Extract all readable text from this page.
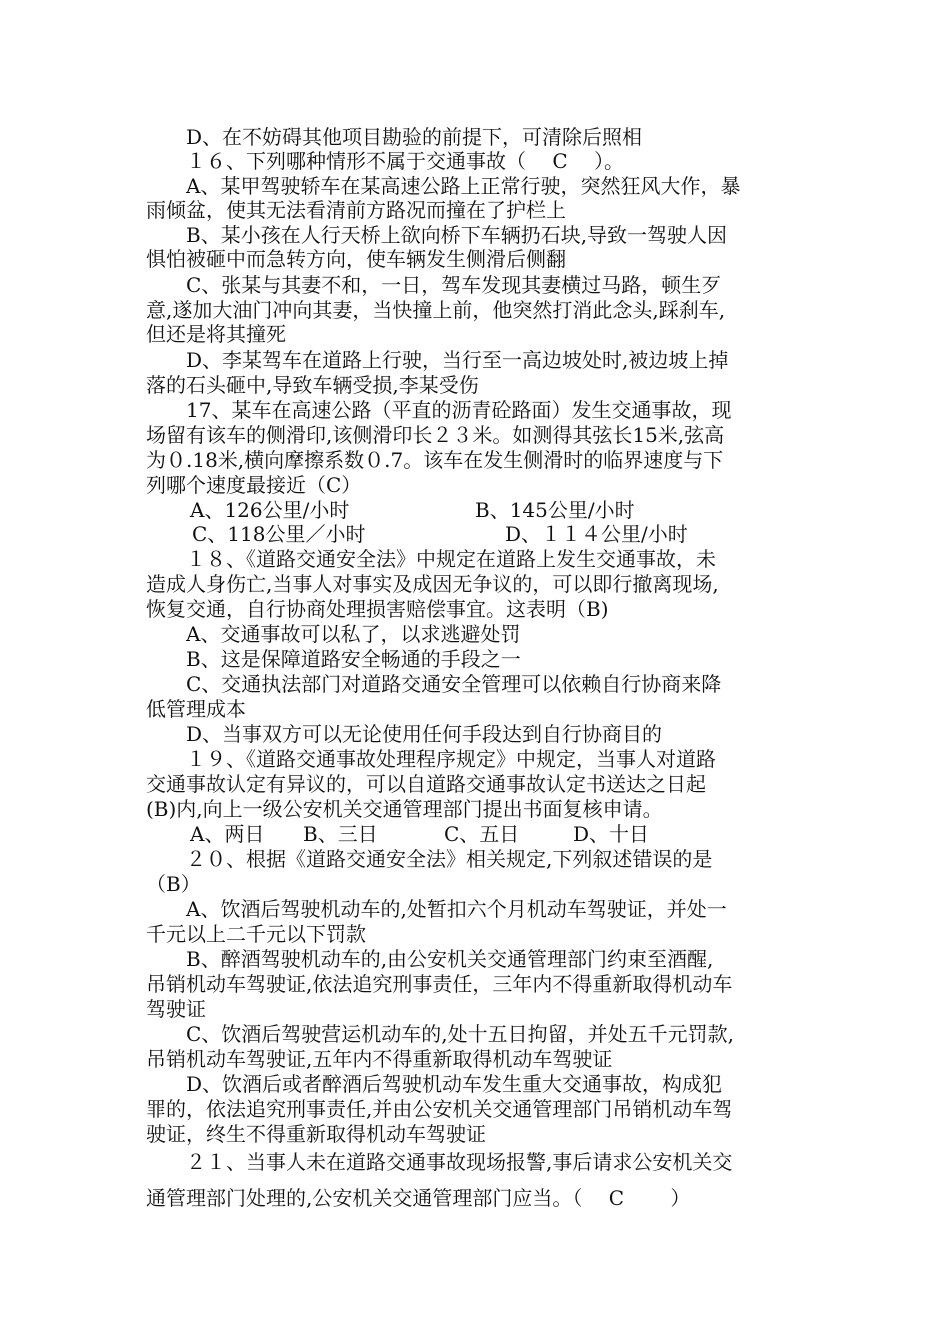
　　D、在不妨碍其他项目勘验的前提下，可清除后照相
　　１６、下列哪种情形不属于交通事故（　 C　 ）。
　　A、某甲驾驶轿车在某高速公路上正常行驶，突然狂风大作，暴
雨倾盆，使其无法看清前方路况而撞在了护栏上
　　B、某小孩在人行天桥上欲向桥下车辆扔石块,导致一驾驶人因
惧怕被砸中而急转方向，使车辆发生侧滑后侧翻
　　C、张某与其妻不和，一日，驾车发现其妻横过马路，顿生歹
意,遂加大油门冲向其妻，当快撞上前，他突然打消此念头,踩刹车,
但还是将其撞死
　　D、李某驾车在道路上行驶，当行至一高边坡处时,被边坡上掉
落的石头砸中,导致车辆受损,李某受伤
　　17、某车在高速公路（平直的沥青砼路面）发生交通事故，现
场留有该车的侧滑印,该侧滑印长２３米。如测得其弦长15米,弦高
为０.18米,横向摩擦系数０.7。该车在发生侧滑时的临界速度与下
列哪个速度最接近（C）
A、126公里/小时	B、145公里/小时
C、118公里／小时	D、１１４公里/小时
　　１８、《道路交通安全法》中规定在道路上发生交通事故，未
造成人身伤亡,当事人对事实及成因无争议的，可以即行撤离现场,
恢复交通，自行协商处理损害赔偿事宜。这表明（B)
　　A、交通事故可以私了，以求逃避处罚
　　B、这是保障道路安全畅通的手段之一
　　C、交通执法部门对道路交通安全管理可以依赖自行协商来降
低管理成本
　　D、当事双方可以无论使用任何手段达到自行协商目的
　　１９、《道路交通事故处理程序规定》中规定，当事人对道路
交通事故认定有异议的，可以自道路交通事故认定书送达之日起
(B)内,向上一级公安机关交通管理部门提出书面复核申请。
A、两日 B、三日	C、五日	D、十日
　　２０、根据《道路交通安全法》相关规定,下列叙述错误的是
（B）
　　A、饮酒后驾驶机动车的,处暂扣六个月机动车驾驶证，并处一
千元以上二千元以下罚款
　　B、醉酒驾驶机动车的,由公安机关交通管理部门约束至酒醒,
吊销机动车驾驶证,依法追究刑事责任，三年内不得重新取得机动车
驾驶证
　　C、饮酒后驾驶营运机动车的,处十五日拘留，并处五千元罚款,
吊销机动车驾驶证,五年内不得重新取得机动车驾驶证
　　D、饮酒后或者醉酒后驾驶机动车发生重大交通事故，构成犯
罪的，依法追究刑事责任,并由公安机关交通管理部门吊销机动车驾
驶证，终生不得重新取得机动车驾驶证
　　２１、当事人未在道路交通事故现场报警,事后请求公安机关交
通管理部门处理的,公安机关交通管理部门应当。（　 C　　 ）
